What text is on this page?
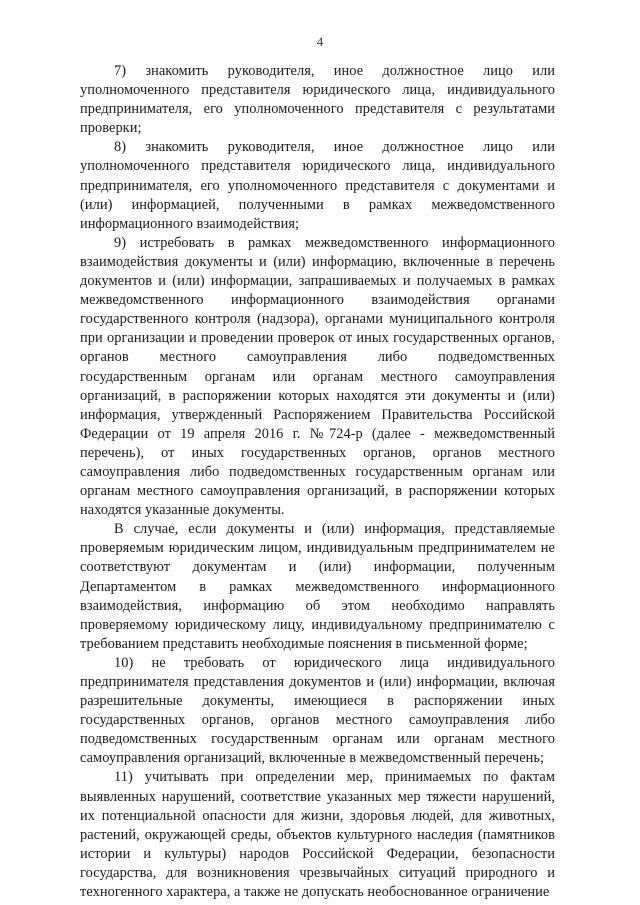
4

7) знакомить руководителя, иное должностное лицо или уполномоченного представителя юридического лица, индивидуального предпринимателя, его уполномоченного представителя с результатами проверки;

8) знакомить руководителя, иное должностное лицо или уполномоченного представителя юридического лица, индивидуального предпринимателя, его уполномоченного представителя с документами и (или) информацией, полученными в рамках межведомственного информационного взаимодействия;

9) истребовать в рамках межведомственного информационного взаимодействия документы и (или) информацию, включенные в перечень документов и (или) информации, запрашиваемых и получаемых в рамках межведомственного информационного взаимодействия органами государственного контроля (надзора), органами муниципального контроля при организации и проведении проверок от иных государственных органов, органов местного самоуправления либо подведомственных государственным органам или органам местного самоуправления организаций, в распоряжении которых находятся эти документы и (или) информация, утвержденный Распоряжением Правительства Российской Федерации от 19 апреля 2016 г. №724-р (далее - межведомственный перечень), от иных государственных органов, органов местного самоуправления либо подведомственных государственным органам или органам местного самоуправления организаций, в распоряжении которых находятся указанные документы.

В случае, если документы и (или) информация, представляемые проверяемым юридическим лицом, индивидуальным предпринимателем не соответствуют документам и (или) информации, полученным Департаментом в рамках межведомственного информационного взаимодействия, информацию об этом необходимо направлять проверяемому юридическому лицу, индивидуальному предпринимателю с требованием представить необходимые пояснения в письменной форме;

10) не требовать от юридического лица индивидуального предпринимателя представления документов и (или) информации, включая разрешительные документы, имеющиеся в распоряжении иных государственных органов, органов местного самоуправления либо подведомственных государственным органам или органам местного самоуправления организаций, включенные в межведомственный перечень;

11) учитывать при определении мер, принимаемых по фактам выявленных нарушений, соответствие указанных мер тяжести нарушений, их потенциальной опасности для жизни, здоровья людей, для животных, растений, окружающей среды, объектов культурного наследия (памятников истории и культуры) народов Российской Федерации, безопасности государства, для возникновения чрезвычайных ситуаций природного и техногенного характера, а также не допускать необоснованное ограничение
